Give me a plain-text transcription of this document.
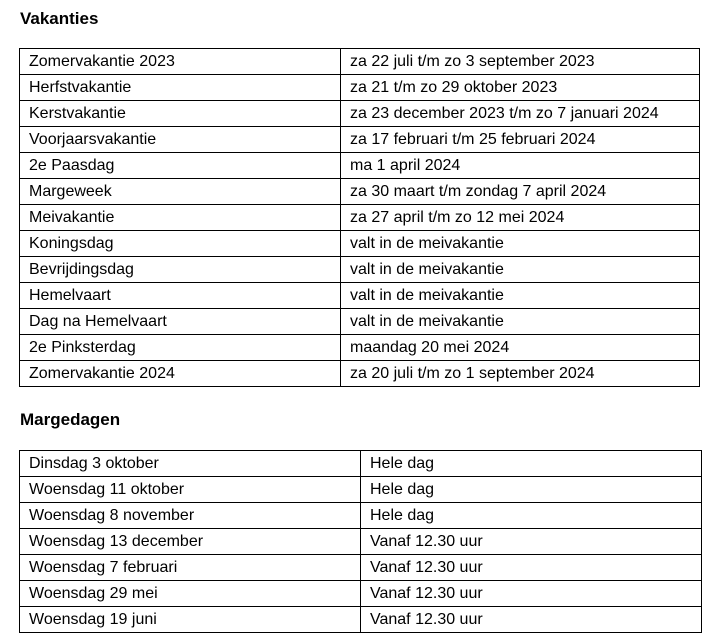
Vakanties
Zomervakantie 2023	za 22 juli t/m zo 3 september 2023
Herfstvakantie	za 21 t/m zo 29 oktober 2023
Kerstvakantie	za 23 december 2023 t/m zo 7 januari 2024
Voorjaarsvakantie	za 17 februari t/m 25 februari 2024
2e Paasdag	ma 1 april 2024
Margeweek	za 30 maart t/m zondag 7 april 2024
Meivakantie	za 27 april t/m zo 12 mei 2024
Koningsdag	valt in de meivakantie
Bevrijdingsdag	valt in de meivakantie
Hemelvaart	valt in de meivakantie
Dag na Hemelvaart	valt in de meivakantie
2e Pinksterdag	maandag 20 mei 2024
Zomervakantie 2024	za 20 juli t/m zo 1 september 2024
Margedagen
Dinsdag 3 oktober	Hele dag
Woensdag 11 oktober	Hele dag
Woensdag 8 november	Hele dag
Woensdag 13 december	Vanaf 12.30 uur
Woensdag 7 februari	Vanaf 12.30 uur
Woensdag 29 mei	Vanaf 12.30 uur
Woensdag 19 juni	Vanaf 12.30 uur
